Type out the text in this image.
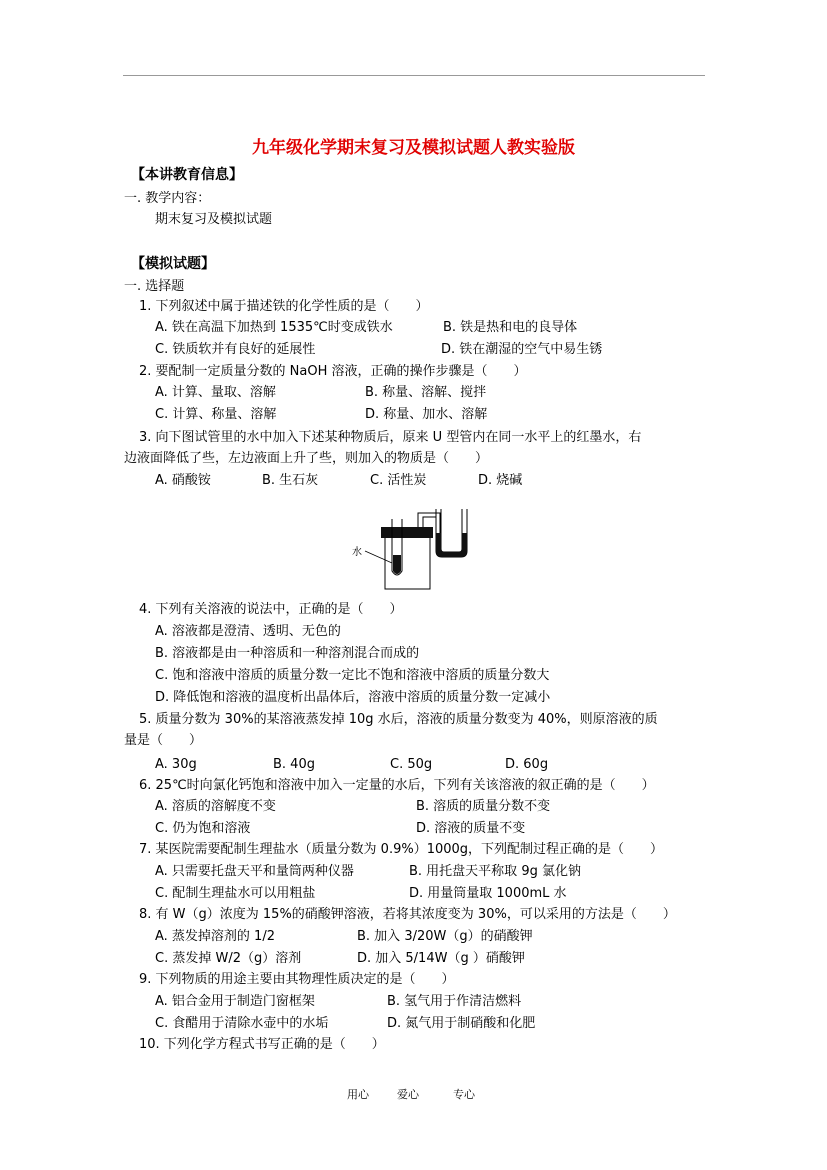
九年级化学期末复习及模拟试题人教实验版
【本讲教育信息】
一. 教学内容：
期末复习及模拟试题
【模拟试题】
一. 选择题
1. 下列叙述中属于描述铁的化学性质的是（　　）
A. 铁在高温下加热到 1535℃时变成铁水	B. 铁是热和电的良导体
C. 铁质软并有良好的延展性	D. 铁在潮湿的空气中易生锈
2. 要配制一定质量分数的 NaOH 溶液，正确的操作步骤是（　　）
A. 计算、量取、溶解	B. 称量、溶解、搅拌
C. 计算、称量、溶解	D. 称量、加水、溶解
3. 向下图试管里的水中加入下述某种物质后，原来 U 型管内在同一水平上的红墨水，右
边液面降低了些，左边液面上升了些，则加入的物质是（　　）
A. 硝酸铵	B. 生石灰	C. 活性炭	D. 烧碱
水
4. 下列有关溶液的说法中，正确的是（　　）
A. 溶液都是澄清、透明、无色的
B. 溶液都是由一种溶质和一种溶剂混合而成的
C. 饱和溶液中溶质的质量分数一定比不饱和溶液中溶质的质量分数大
D. 降低饱和溶液的温度析出晶体后，溶液中溶质的质量分数一定减小
5. 质量分数为 30%的某溶液蒸发掉 10g 水后，溶液的质量分数变为 40%，则原溶液的质
量是（　　）
A. 30g	B. 40g	C. 50g	D. 60g
6. 25℃时向氯化钙饱和溶液中加入一定量的水后，下列有关该溶液的叙正确的是（　　）
A. 溶质的溶解度不变	B. 溶质的质量分数不变
C. 仍为饱和溶液	D. 溶液的质量不变
7. 某医院需要配制生理盐水（质量分数为 0.9%）1000g，下列配制过程正确的是（　　）
A. 只需要托盘天平和量筒两种仪器	B. 用托盘天平称取 9g 氯化钠
C. 配制生理盐水可以用粗盐	D. 用量筒量取 1000mL 水
8. 有 W（g）浓度为 15%的硝酸钾溶液，若将其浓度变为 30%，可以采用的方法是（　　）
A. 蒸发掉溶剂的 1/2	B. 加入 3/20W（g）的硝酸钾
C. 蒸发掉 W/2（g）溶剂	D. 加入 5/14W（g ）硝酸钾
9. 下列物质的用途主要由其物理性质决定的是（　　）
A. 铝合金用于制造门窗框架	B. 氢气用于作清洁燃料
C. 食醋用于清除水壶中的水垢	D. 氮气用于制硝酸和化肥
10. 下列化学方程式书写正确的是（　　）
用心	爱心	专心
